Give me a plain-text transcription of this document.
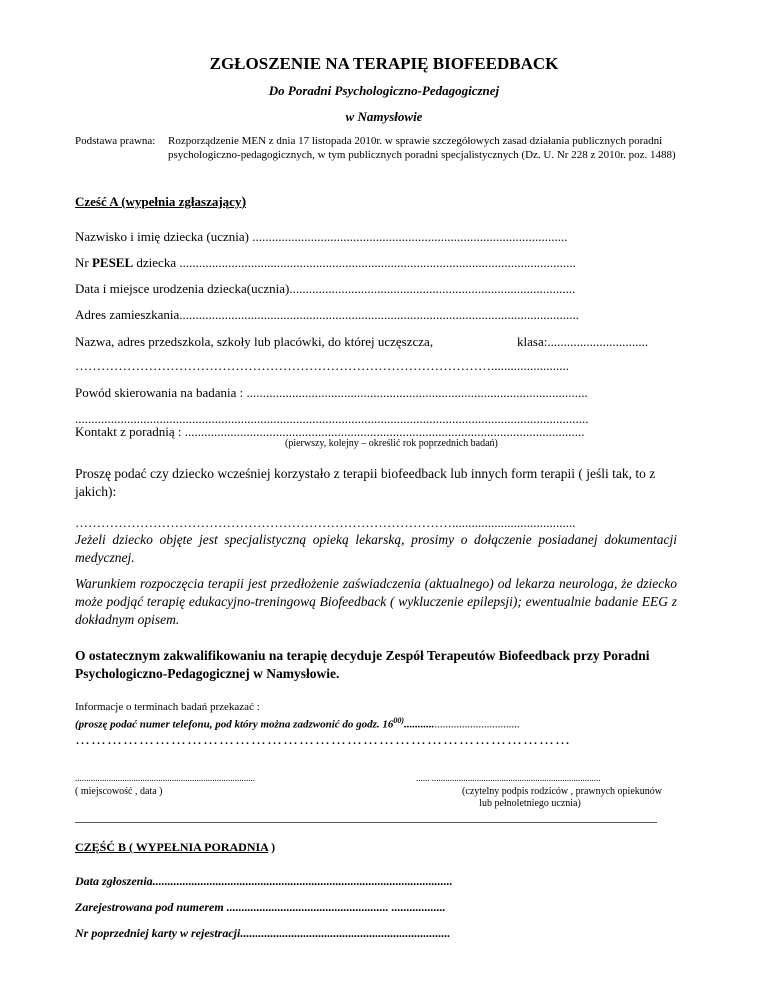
ZGŁOSZENIE NA TERAPIĘ BIOFEEDBACK
Do Poradni Psychologiczno-Pedagogicznej
w Namysłowie
Podstawa prawna: Rozporządzenie MEN z dnia 17 listopada 2010r. w sprawie szczegółowych zasad działania publicznych poradni psychologiczno-pedagogicznych, w tym publicznych poradni specjalistycznych (Dz. U. Nr 228 z 2010r. poz. 1488)
Cześć A (wypełnia zgłaszający)
Nazwisko i imię dziecka (ucznia) .................................................................................................
Nr PESEL dziecka ..........................................................................................................................
Data i miejsce urodzenia dziecka(ucznia)........................................................................................
Adres zamieszkania...........................................................................................................................
Nazwa, adres przedszkola, szkoły lub placówki, do której uczęszcza,	klasa:...............................
……………………………………………………………………………………........................
Powód skierowania na badania : .........................................................................................................
..............................................................................................................................................................
Kontakt z poradnią : ...........................................................................................................................
(pierwszy, kolejny – określić rok poprzednich badań)
Proszę podać czy dziecko wcześniej korzystało z terapii biofeedback lub innych form terapii ( jeśli tak, to z jakich):
……………………………………………………………………………......................................
Jeżeli dziecko objęte jest specjalistyczną opieką lekarską, prosimy o dołączenie posiadanej dokumentacji medycznej.
Warunkiem rozpoczęcia terapii jest przedłożenie zaświadczenia (aktualnego) od lekarza neurologa, że dziecko może podjąć terapię edukacyjno-treningową Biofeedback ( wykluczenie epilepsji); ewentualnie badanie EEG z dokładnym opisem.
O ostatecznym zakwalifikowaniu na terapię decyduje Zespół Terapeutów Biofeedback przy Poradni Psychologiczno-Pedagogicznej w Namysłowie.
Informacje o terminach badań przekazać :
(proszę podać numer telefonu, pod który można zadzwonić do godz. 16$^{00)}$..........................................
…………………………………………………………………………………
................................................................................
( miejscowość , data )
...... ...........................................................................
(czytelny podpis rodziców , prawnych opiekunów
lub pełnoletniego ucznia)
CZĘŚĆ B ( WYPEŁNIA PORADNIA )
Data zgłoszenia....................................................................................................
Zarejestrowana pod numerem ...................................................... ..................
Nr poprzedniej karty w rejestracji......................................................................
